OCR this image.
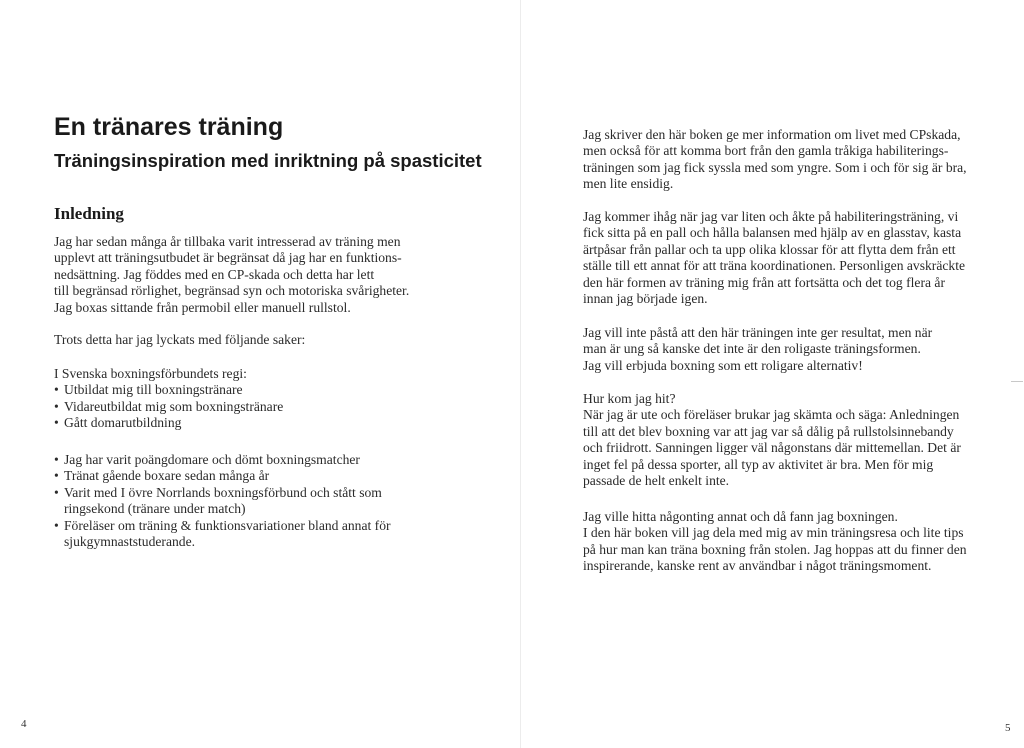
En tränares träning
Träningsinspiration med inriktning på spasticitet
Inledning

Jag har sedan många år tillbaka varit intresserad av träning men
upplevt att träningsutbudet är begränsat då jag har en funktions-
nedsättning. Jag föddes med en CP-skada och detta har lett
till begränsad rörlighet, begränsad syn och motoriska svårigheter.
Jag boxas sittande från permobil eller manuell rullstol.

Trots detta har jag lyckats med följande saker:

I Svenska boxningsförbundets regi:
• Utbildat mig till boxningstränare
• Vidareutbildat mig som boxningstränare
• Gått domarutbildning

• Jag har varit poängdomare och dömt boxningsmatcher
• Tränat gående boxare sedan många år
• Varit med I övre Norrlands boxningsförbund och stått som
ringsekond (tränare under match)
• Föreläser om träning & funktionsvariationer bland annat för
sjukgymnaststuderande.

4

Jag skriver den här boken ge mer information om livet med CPskada,
men också för att komma bort från den gamla tråkiga habiliterings-
träningen som jag fick syssla med som yngre. Som i och för sig är bra,
men lite ensidig.

Jag kommer ihåg när jag var liten och åkte på habiliteringsträning, vi
fick sitta på en pall och hålla balansen med hjälp av en glasstav, kasta
ärtpåsar från pallar och ta upp olika klossar för att flytta dem från ett
ställe till ett annat för att träna koordinationen. Personligen avskräckte
den här formen av träning mig från att fortsätta och det tog flera år
innan jag började igen.

Jag vill inte påstå att den här träningen inte ger resultat, men när
man är ung så kanske det inte är den roligaste träningsformen.
Jag vill erbjuda boxning som ett roligare alternativ!

Hur kom jag hit?
När jag är ute och föreläser brukar jag skämta och säga: Anledningen
till att det blev boxning var att jag var så dålig på rullstolsinnebandy
och friidrott. Sanningen ligger väl någonstans där mittemellan. Det är
inget fel på dessa sporter, all typ av aktivitet är bra. Men för mig
passade de helt enkelt inte.

Jag ville hitta någonting annat och då fann jag boxningen.
I den här boken vill jag dela med mig av min träningsresa och lite tips
på hur man kan träna boxning från stolen. Jag hoppas att du finner den
inspirerande, kanske rent av användbar i något träningsmoment.

5
